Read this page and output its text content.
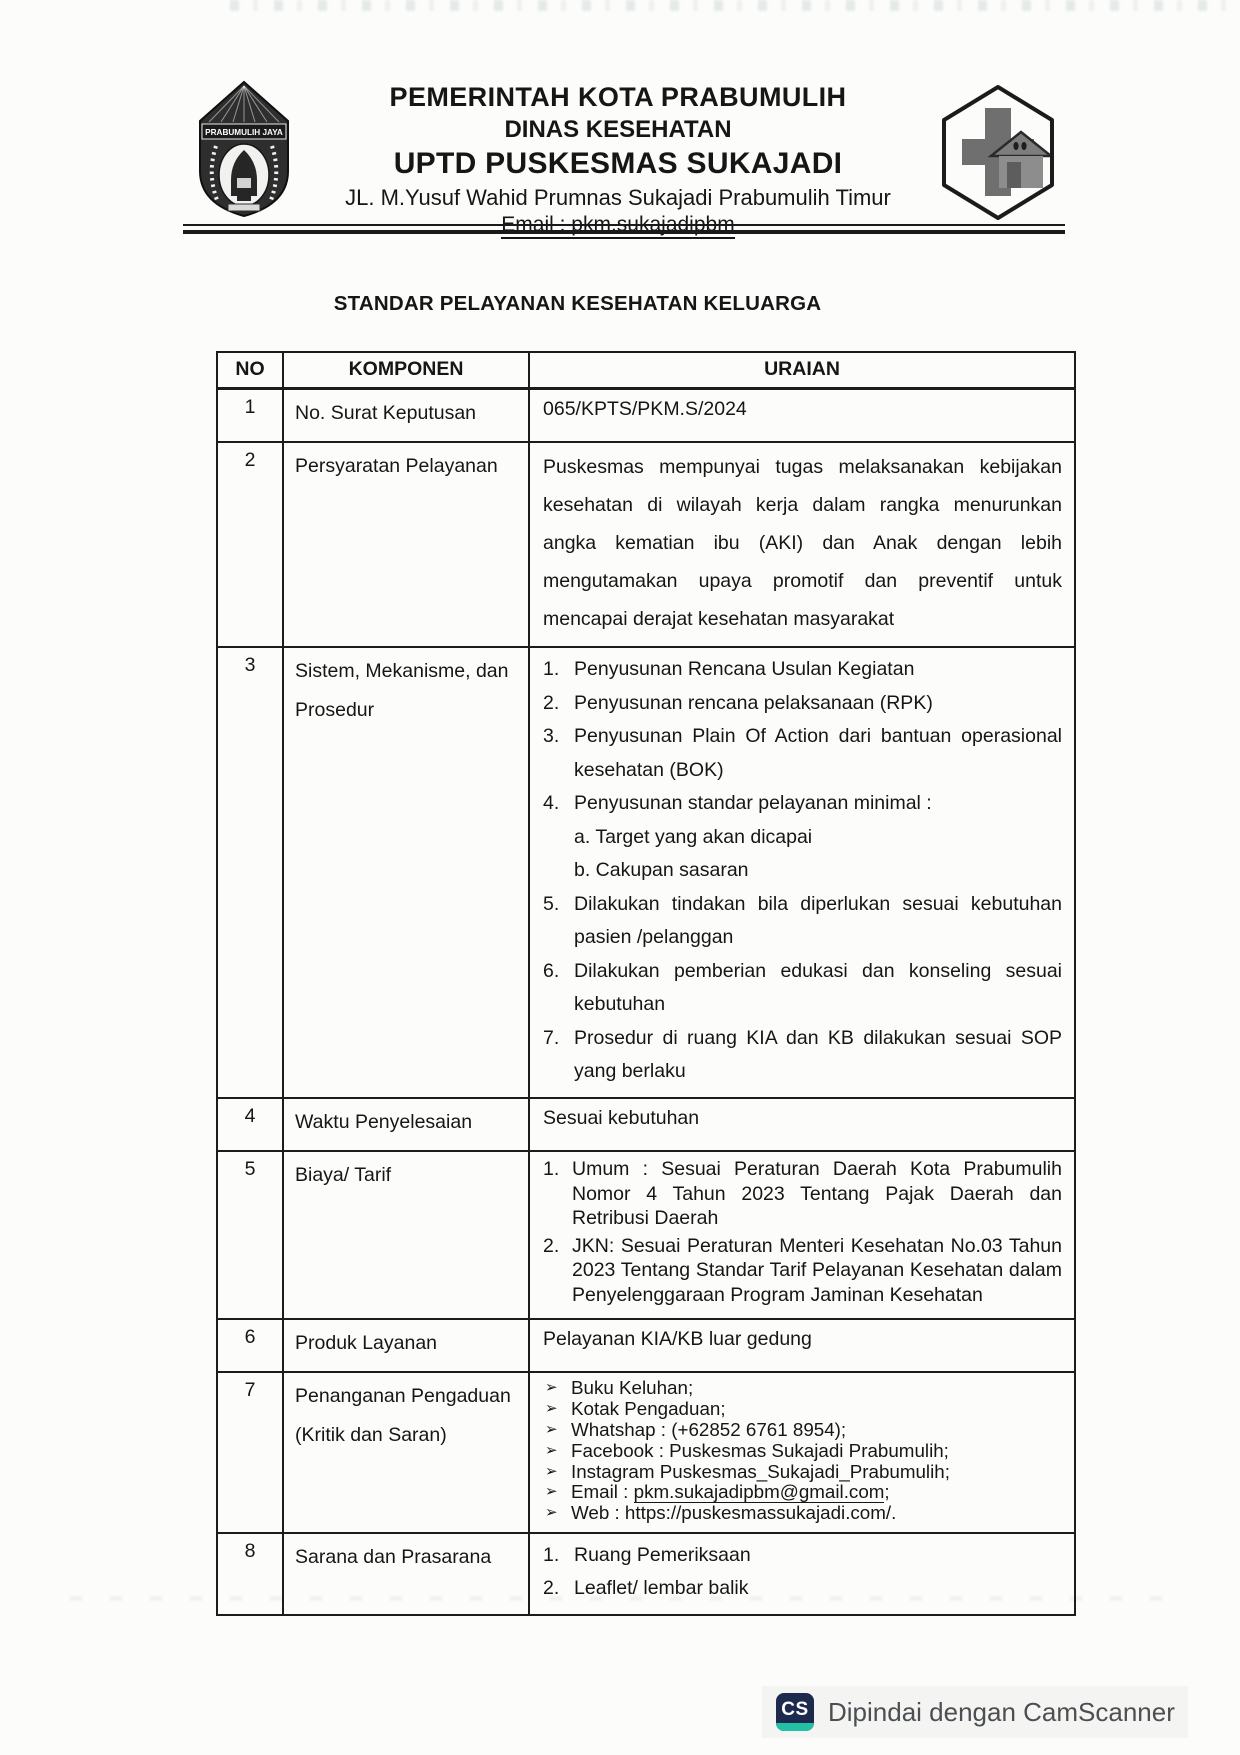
PRABUMULIH JAYA
PEMERINTAH KOTA PRABUMULIH
DINAS KESEHATAN
UPTD PUSKESMAS SUKAJADI
JL. M.Yusuf Wahid Prumnas Sukajadi Prabumulih Timur
Email : pkm.sukajadipbm
STANDAR PELAYANAN KESEHATAN KELUARGA
NO	KOMPONEN	URAIAN
1	No. Surat Keputusan	065/KPTS/PKM.S/2024
2	Persyaratan Pelayanan	Puskesmas mempunyai tugas melaksanakan kebijakan kesehatan di wilayah kerja dalam rangka menurunkan angka kematian ibu (AKI) dan Anak dengan lebih mengutamakan upaya promotif dan preventif untuk mencapai derajat kesehatan masyarakat
3	Sistem, Mekanisme, dan Prosedur
1. Penyusunan Rencana Usulan Kegiatan
2. Penyusunan rencana pelaksanaan (RPK)
3. Penyusunan Plain Of Action dari bantuan operasional kesehatan (BOK)
4. Penyusunan standar pelayanan minimal :
a. Target yang akan dicapai
b. Cakupan sasaran
5. Dilakukan tindakan bila diperlukan sesuai kebutuhan pasien /pelanggan
6. Dilakukan pemberian edukasi dan konseling sesuai kebutuhan
7. Prosedur di ruang KIA dan KB dilakukan sesuai SOP yang berlaku
4	Waktu Penyelesaian	Sesuai kebutuhan
5	Biaya/ Tarif	1. Umum : Sesuai Peraturan Daerah Kota Prabumulih Nomor 4 Tahun 2023 Tentang Pajak Daerah dan Retribusi Daerah
2. JKN: Sesuai Peraturan Menteri Kesehatan No.03 Tahun 2023 Tentang Standar Tarif Pelayanan Kesehatan dalam Penyelenggaraan Program Jaminan Kesehatan
6	Produk Layanan	Pelayanan KIA/KB luar gedung
7	Penanganan Pengaduan (Kritik dan Saran)
➢ Buku Keluhan;
➢ Kotak Pengaduan;
➢ Whatshap : (+62852 6761 8954);
➢ Facebook : Puskesmas Sukajadi Prabumulih;
➢ Instagram Puskesmas_Sukajadi_Prabumulih;
➢ Email : pkm.sukajadipbm@gmail.com;
➢ Web : https://puskesmassukajadi.com/.
8	Sarana dan Prasarana	1. Ruang Pemeriksaan
2. Leaflet/ lembar balik
CS Dipindai dengan CamScanner
